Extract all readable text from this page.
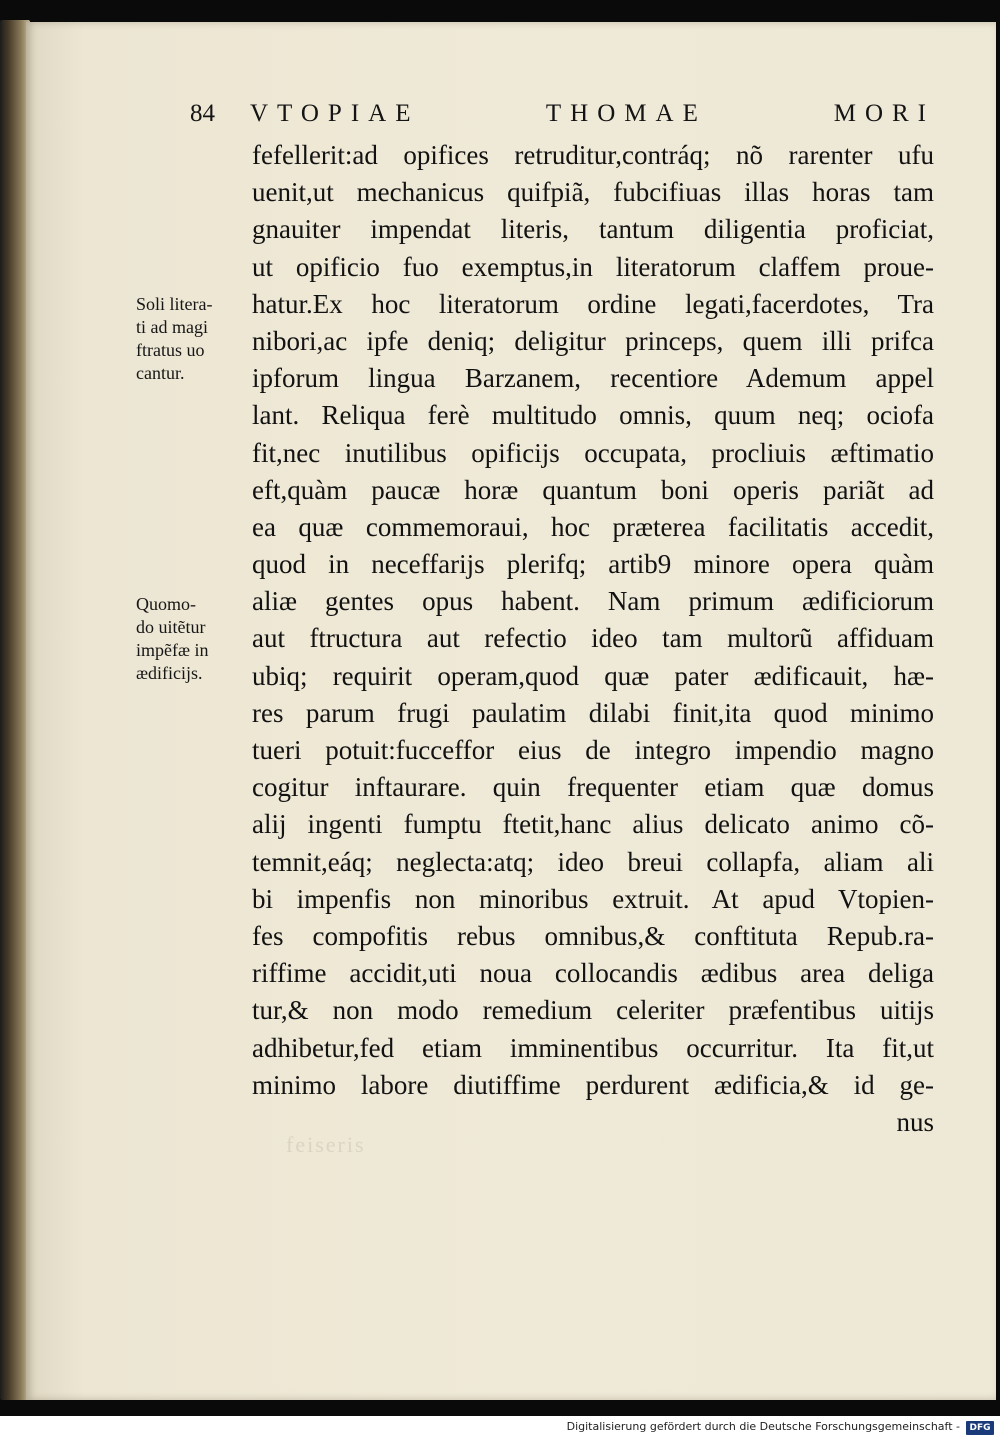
feiseris
84 VTOPIAE THOMAE MORI
Soli litera-
ti ad magi
ftratus uo
cantur.
Quomo-
do uitẽtur
impẽfæ in
ædificijs.
fefellerit:ad opifices retruditur,contráq; nõ rarenter ufu
uenit,ut mechanicus quifpiã, fubcifiuas illas horas tam
gnauiter impendat literis, tantum diligentia proficiat,
ut opificio fuo exemptus,in literatorum claffem proue-
hatur.Ex hoc literatorum ordine legati,facerdotes, Tra
nibori,ac ipfe deniq; deligitur princeps, quem illi prifca
ipforum lingua Barzanem, recentiore Ademum appel
lant. Reliqua ferè multitudo omnis, quum neq; ociofa
fit,nec inutilibus opificijs occupata, procliuis æftimatio
eft,quàm paucæ horæ quantum boni operis pariãt ad
ea quæ commemoraui, hoc præterea facilitatis accedit,
quod in neceffarijs plerifq; artib9 minore opera quàm
aliæ gentes opus habent. Nam primum ædificiorum
aut ftructura aut refectio ideo tam multorũ affiduam
ubiq; requirit operam,quod quæ pater ædificauit, hæ-
res parum frugi paulatim dilabi finit,ita quod minimo
tueri potuit:fucceffor eius de integro impendio magno
cogitur inftaurare. quin frequenter etiam quæ domus
alij ingenti fumptu ftetit,hanc alius delicato animo cõ-
temnit,eáq; neglecta:atq; ideo breui collapfa, aliam ali
bi impenfis non minoribus extruit. At apud Vtopien-
fes compofitis rebus omnibus,& conftituta Repub.ra-
riffime accidit,uti noua collocandis ædibus area deliga
tur,& non modo remedium celeriter præfentibus uitijs
adhibetur,fed etiam imminentibus occurritur. Ita fit,ut
minimo labore diutiffime perdurent ædificia,& id ge-
nus
Digitalisierung gefördert durch die Deutsche Forschungsgemeinschaft -	DFG
